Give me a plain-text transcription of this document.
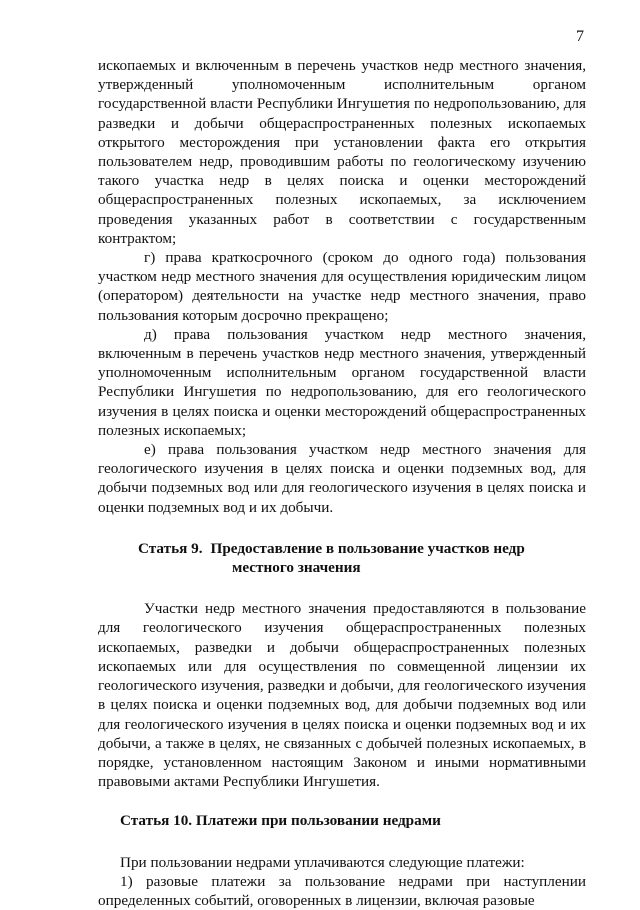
7

ископаемых и включенным в перечень участков недр местного значения, утвержденный уполномоченным исполнительным органом государственной власти Республики Ингушетия по недропользованию, для разведки и добычи общераспространенных полезных ископаемых открытого месторождения при установлении факта его открытия пользователем недр, проводившим работы по геологическому изучению такого участка недр в целях поиска и оценки месторождений общераспространенных полезных ископаемых, за исключением проведения указанных работ в соответствии с государственным контрактом;

г) права краткосрочного (сроком до одного года) пользования участком недр местного значения для осуществления юридическим лицом (оператором) деятельности на участке недр местного значения, право пользования которым досрочно прекращено;

д) права пользования участком недр местного значения, включенным в перечень участков недр местного значения, утвержденный уполномоченным исполнительным органом государственной власти Республики Ингушетия по недропользованию, для его геологического изучения в целях поиска и оценки месторождений общераспространенных полезных ископаемых;

е) права пользования участком недр местного значения для геологического изучения в целях поиска и оценки подземных вод, для добычи подземных вод или для геологического изучения в целях поиска и оценки подземных вод и их добычи.

Статья 9. Предоставление в пользование участков недр
местного значения

Участки недр местного значения предоставляются в пользование для геологического изучения общераспространенных полезных ископаемых, разведки и добычи общераспространенных полезных ископаемых или для осуществления по совмещенной лицензии их геологического изучения, разведки и добычи, для геологического изучения в целях поиска и оценки подземных вод, для добычи подземных вод или для геологического изучения в целях поиска и оценки подземных вод и их добычи, а также в целях, не связанных с добычей полезных ископаемых, в порядке, установленном настоящим Законом и иными нормативными правовыми актами Республики Ингушетия.

Статья 10. Платежи при пользовании недрами

При пользовании недрами уплачиваются следующие платежи:

1) разовые платежи за пользование недрами при наступлении определенных событий, оговоренных в лицензии, включая разовые
